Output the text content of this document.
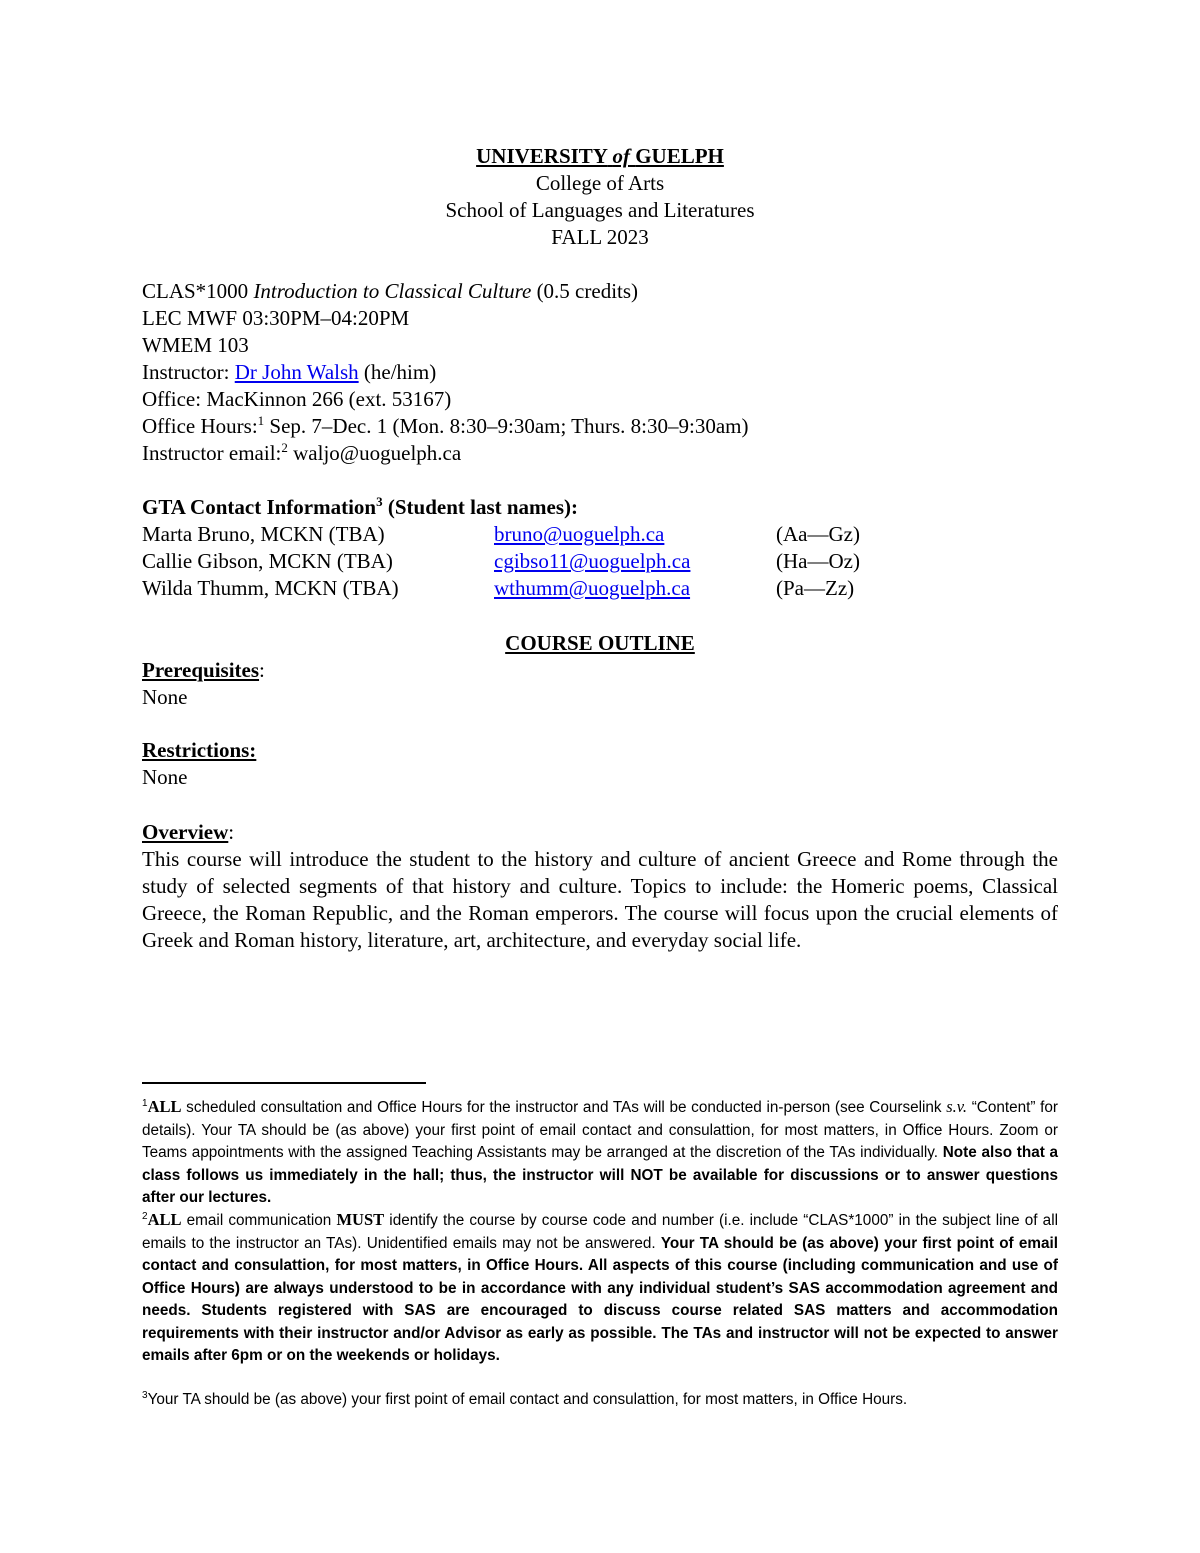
UNIVERSITY of GUELPH
College of Arts
School of Languages and Literatures
FALL 2023
CLAS*1000 Introduction to Classical Culture (0.5 credits)
LEC MWF 03:30PM–04:20PM
WMEM 103
Instructor: Dr John Walsh (he/him)
Office: MacKinnon 266 (ext. 53167)
Office Hours:$^1$ Sep. 7–Dec. 1 (Mon. 8:30–9:30am; Thurs. 8:30–9:30am)
Instructor email:$^2$ waljo@uoguelph.ca
GTA Contact Information$^3$ (Student last names):
Marta Bruno, MCKN (TBA)	bruno@uoguelph.ca	(Aa—Gz)
Callie Gibson, MCKN (TBA)	cgibso11@uoguelph.ca	(Ha—Oz)
Wilda Thumm, MCKN (TBA)	wthumm@uoguelph.ca	(Pa—Zz)
COURSE OUTLINE
Prerequisites:
None
Restrictions:
None
Overview:
This course will introduce the student to the history and culture of ancient Greece and Rome through the study of selected segments of that history and culture. Topics to include: the Homeric poems, Classical Greece, the Roman Republic, and the Roman emperors. The course will focus upon the crucial elements of Greek and Roman history, literature, art, architecture, and everyday social life.
$^1$ALL scheduled consultation and Office Hours for the instructor and TAs will be conducted in-person (see Courselink s.v. “Content” for details). Your TA should be (as above) your first point of email contact and consulattion, for most matters, in Office Hours. Zoom or Teams appointments with the assigned Teaching Assistants may be arranged at the discretion of the TAs individually. Note also that a class follows us immediately in the hall; thus, the instructor will NOT be available for discussions or to answer questions after our lectures.
$^2$ALL email communication MUST identify the course by course code and number (i.e. include “CLAS*1000” in the subject line of all emails to the instructor an TAs). Unidentified emails may not be answered. Your TA should be (as above) your first point of email contact and consulattion, for most matters, in Office Hours. All aspects of this course (including communication and use of Office Hours) are always understood to be in accordance with any individual student’s SAS accommodation agreement and needs. Students registered with SAS are encouraged to discuss course related SAS matters and accommodation requirements with their instructor and/or Advisor as early as possible. The TAs and instructor will not be expected to answer emails after 6pm or on the weekends or holidays.
$^3$Your TA should be (as above) your first point of email contact and consulattion, for most matters, in Office Hours.
